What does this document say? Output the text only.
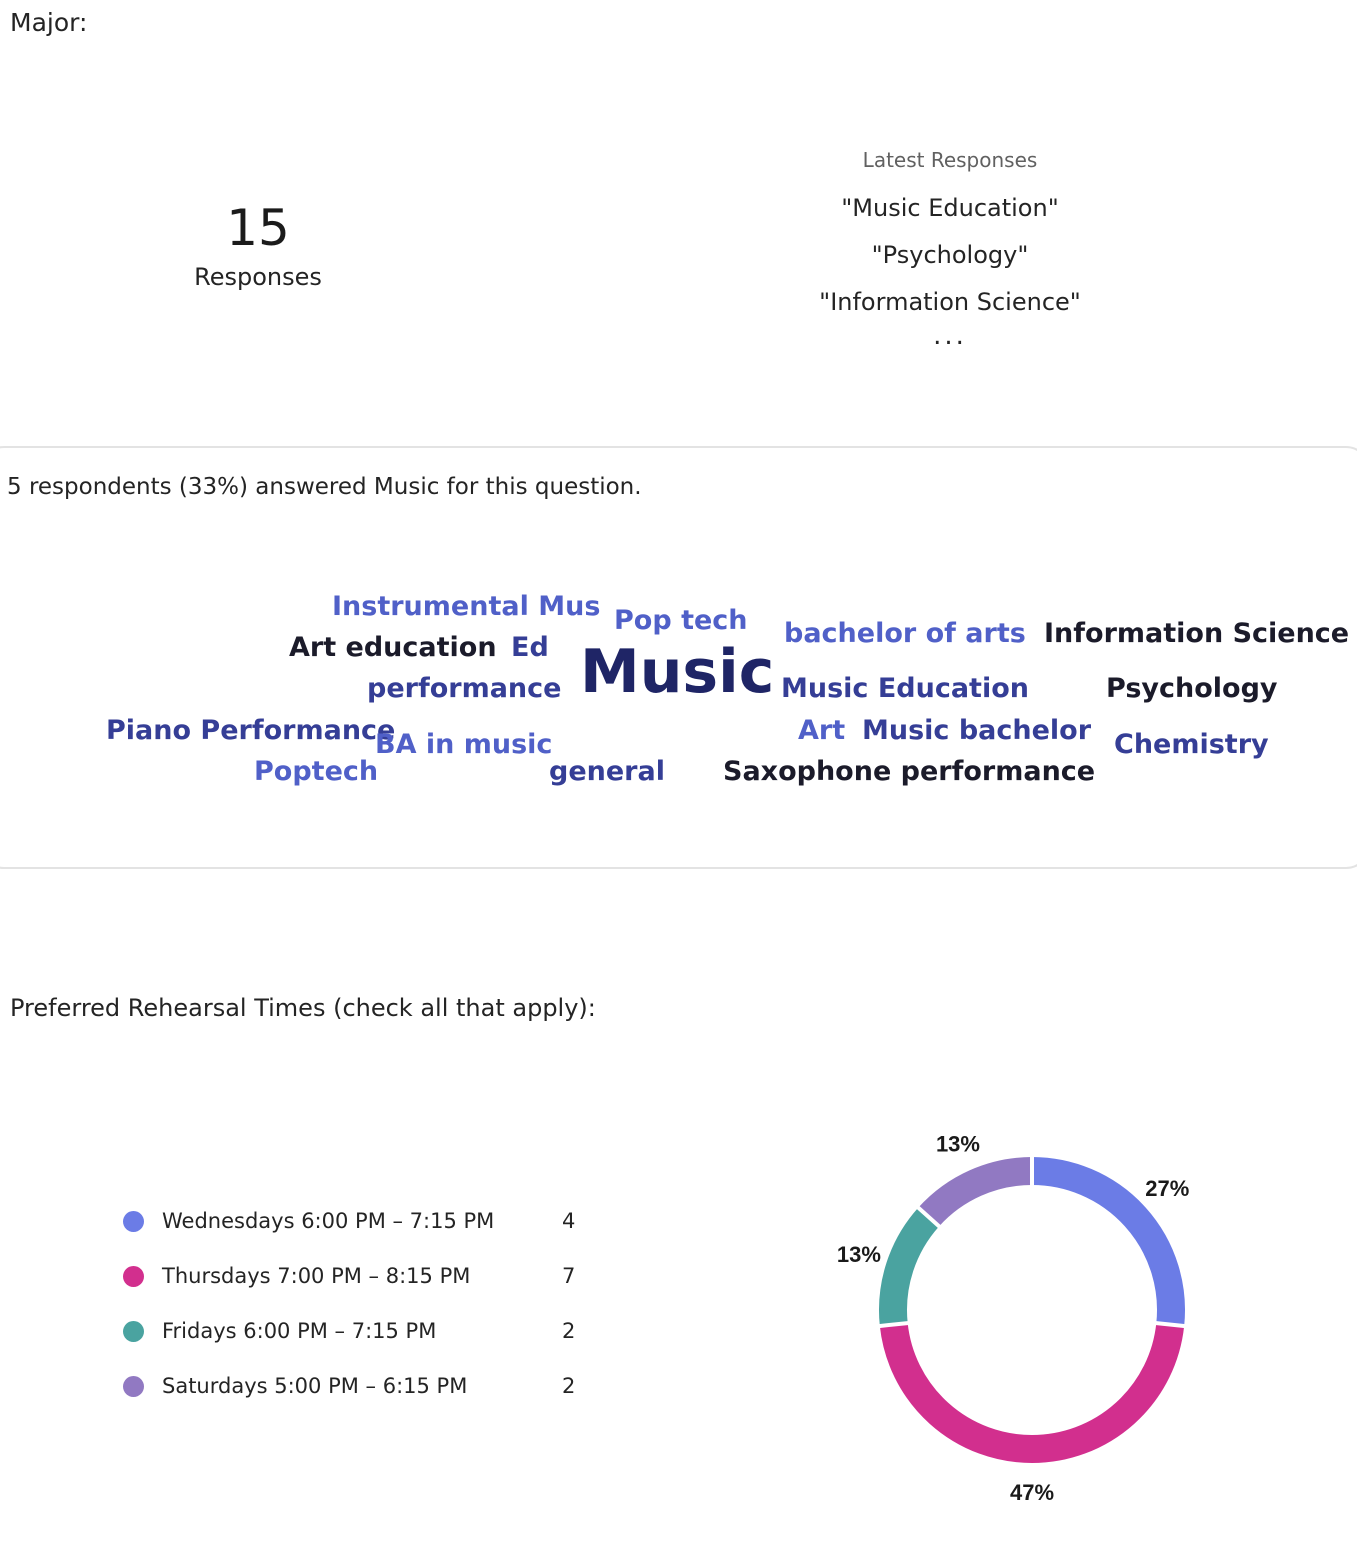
Major:
15
Responses
Latest Responses
"Music Education"
"Psychology"
"Information Science"
...
5 respondents (33%) answered Music for this question.
Instrumental Mus Pop tech bachelor of arts Information Science
Art education Ed Music
performance	Music Education	Psychology
Piano Performance
BA in music	Art Music bachelor Chemistry
Poptech	general Saxophone performance
Preferred Rehearsal Times (check all that apply):
Wednesdays 6:00 PM – 7:15 PM	4
Thursdays 7:00 PM – 8:15 PM	7
Fridays 6:00 PM – 7:15 PM	2
Saturdays 5:00 PM – 6:15 PM	2
27%
47%
13%
13%
